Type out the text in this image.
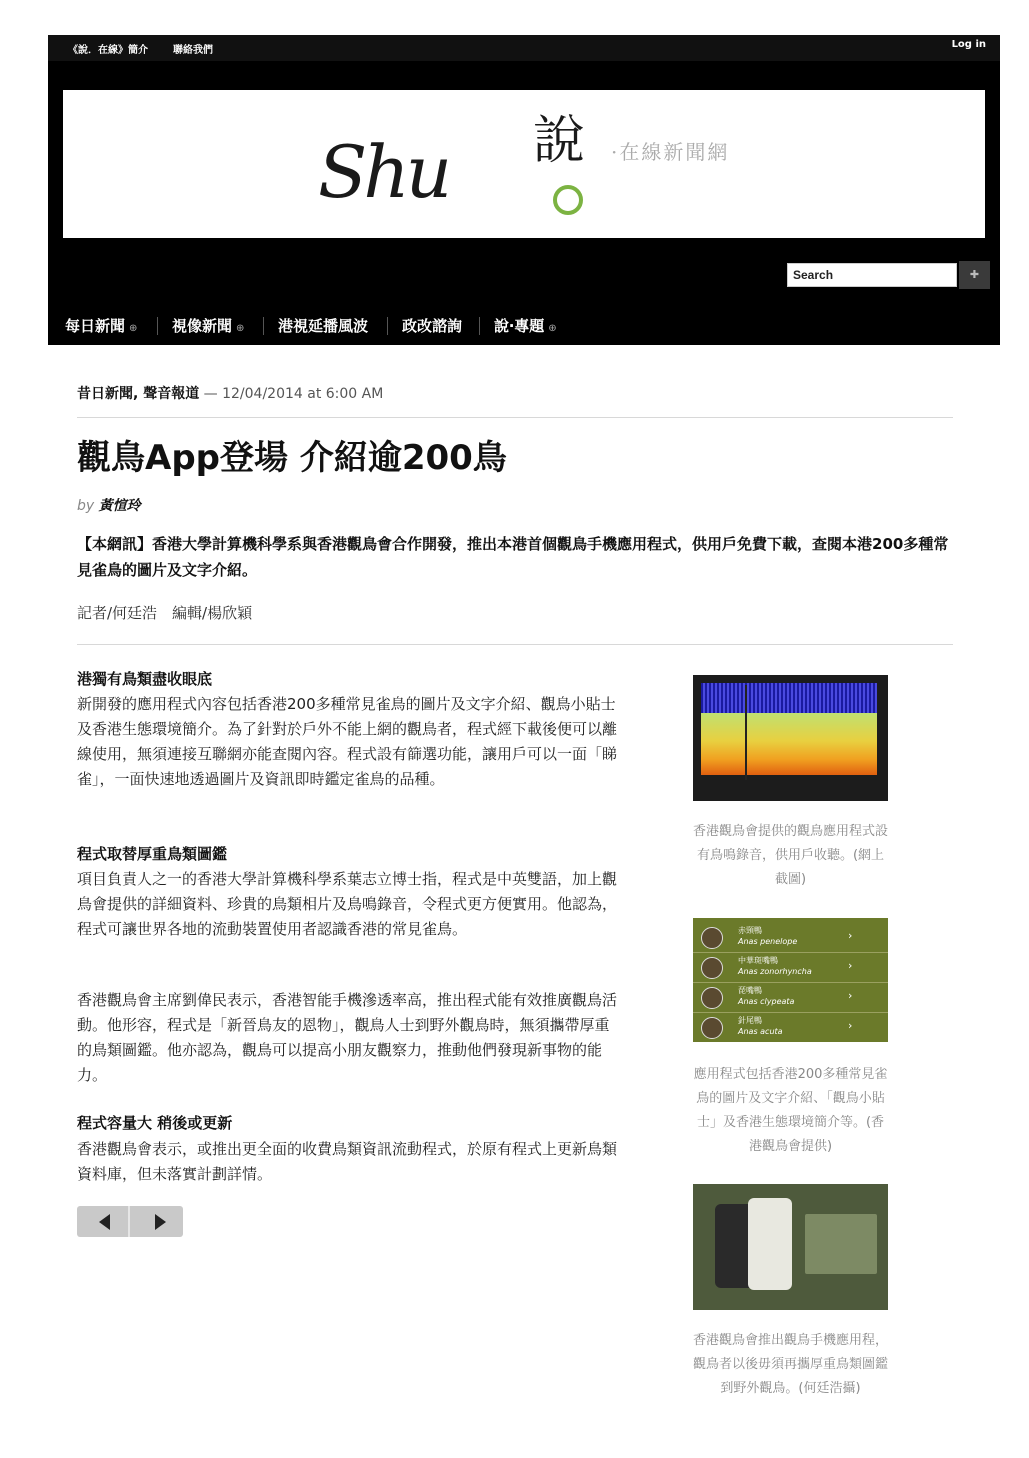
《說．在線》簡介	聯絡我們
Log in
Shu 說 ·在線新聞網
Search
✚
每日新聞 ⊕ 視像新聞 ⊕ 港視延播風波 政改諮詢 說‧專題 ⊕
昔日新聞, 聲音報道 — 12/04/2014 at 6:00 AM
觀鳥App登場 介紹逾200鳥
by 黃愃玲
【本網訊】香港大學計算機科學系與香港觀鳥會合作開發，推出本港首個觀鳥手機應用程式，供用戶免費下載，查閱本港200多種常見雀鳥的圖片及文字介紹。
記者/何廷浩　編輯/楊欣穎
港獨有鳥類盡收眼底
新開發的應用程式內容包括香港200多種常見雀鳥的圖片及文字介紹、觀鳥小貼士及香港生態環境簡介。為了針對於戶外不能上網的觀鳥者，程式經下載後便可以離線使用，無須連接互聯網亦能查閱內容。程式設有篩選功能，讓用戶可以一面「睇雀」，一面快速地透過圖片及資訊即時鑑定雀鳥的品種。
程式取替厚重鳥類圖鑑
項目負責人之一的香港大學計算機科學系葉志立博士指，程式是中英雙語，加上觀鳥會提供的詳細資料、珍貴的鳥類相片及鳥鳴錄音，令程式更方便實用。他認為，程式可讓世界各地的流動裝置使用者認識香港的常見雀鳥。
香港觀鳥會主席劉偉民表示，香港智能手機滲透率高，推出程式能有效推廣觀鳥活動。他形容，程式是「新晉鳥友的恩物」，觀鳥人士到野外觀鳥時，無須攜帶厚重的鳥類圖鑑。他亦認為，觀鳥可以提高小朋友觀察力，推動他們發現新事物的能力。
程式容量大 稍後或更新
香港觀鳥會表示，或推出更全面的收費鳥類資訊流動程式，於原有程式上更新鳥類資料庫，但未落實計劃詳情。
香港觀鳥會提供的觀鳥應用程式設有鳥鳴錄音，供用戶收聽。(網上截圖)
赤頸鴨
Anas penelope	›
中華斑嘴鴨
Anas zonorhyncha	›
琵嘴鴨
Anas clypeata	›
針尾鴨
Anas acuta	›
應用程式包括香港200多種常見雀鳥的圖片及文字介紹、「觀鳥小貼士」及香港生態環境簡介等。(香港觀鳥會提供)
香港觀鳥會推出觀鳥手機應用程，觀鳥者以後毋須再攜厚重鳥類圖鑑到野外觀鳥。(何廷浩攝)
